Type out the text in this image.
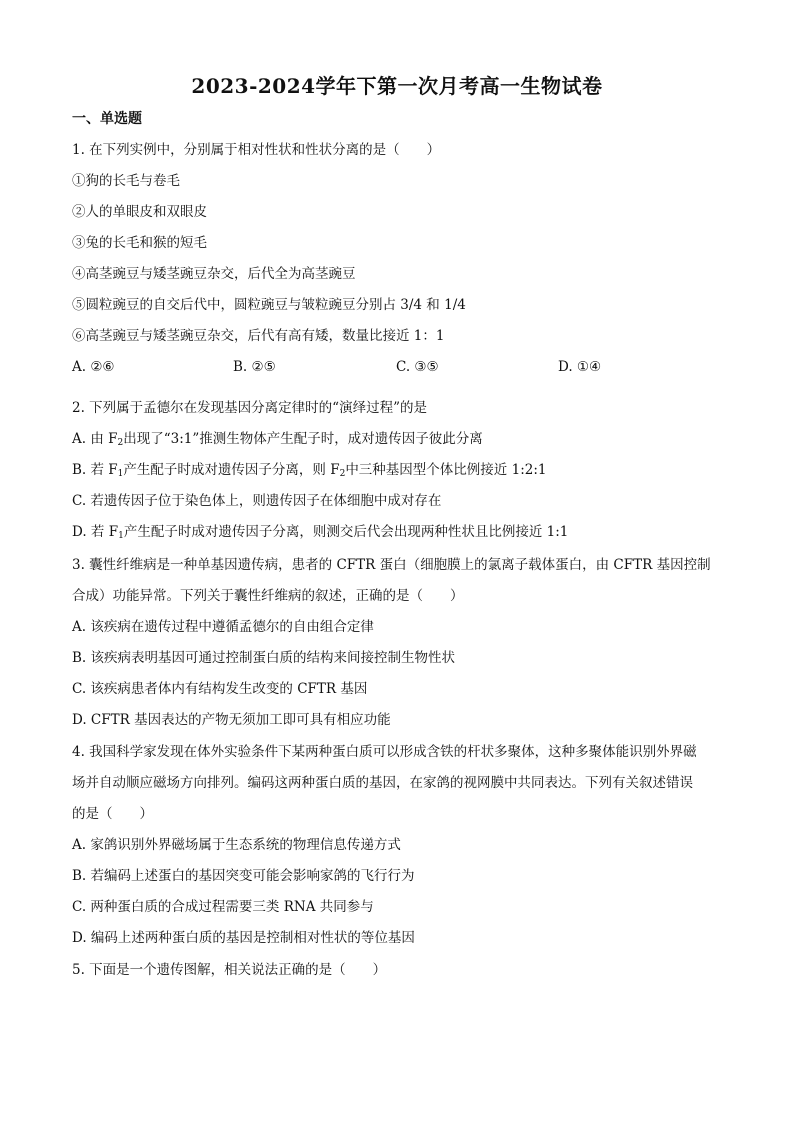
2023-2024学年下第一次月考高一生物试卷
一、单选题
1. 在下列实例中，分别属于相对性状和性状分离的是（　　）
①狗的长毛与卷毛
②人的单眼皮和双眼皮
③兔的长毛和猴的短毛
④高茎豌豆与矮茎豌豆杂交，后代全为高茎豌豆
⑤圆粒豌豆的自交后代中，圆粒豌豆与皱粒豌豆分别占 3/4 和 1/4
⑥高茎豌豆与矮茎豌豆杂交，后代有高有矮，数量比接近 1：1
A. ②⑥	B. ②⑤	C. ③⑤	D. ①④
2. 下列属于孟德尔在发现基因分离定律时的“演绎过程”的是
A. 由 $F_2$出现了“3:1”推测生物体产生配子时，成对遗传因子彼此分离
B. 若 $F_1$产生配子时成对遗传因子分离，则 $F_2$中三种基因型个体比例接近 1:2:1
C. 若遗传因子位于染色体上，则遗传因子在体细胞中成对存在
D. 若 $F_1$产生配子时成对遗传因子分离，则测交后代会出现两种性状且比例接近 1:1
3. 囊性纤维病是一种单基因遗传病，患者的 CFTR 蛋白（细胞膜上的氯离子载体蛋白，由 CFTR 基因控制
合成）功能异常。下列关于囊性纤维病的叙述，正确的是（　　）
A. 该疾病在遗传过程中遵循孟德尔的自由组合定律
B. 该疾病表明基因可通过控制蛋白质的结构来间接控制生物性状
C. 该疾病患者体内有结构发生改变的 CFTR 基因
D. CFTR 基因表达的产物无须加工即可具有相应功能
4. 我国科学家发现在体外实验条件下某两种蛋白质可以形成含铁的杆状多聚体，这种多聚体能识别外界磁
场并自动顺应磁场方向排列。编码这两种蛋白质的基因，在家鸽的视网膜中共同表达。下列有关叙述错误
的是（　　）
A. 家鸽识别外界磁场属于生态系统的物理信息传递方式
B. 若编码上述蛋白的基因突变可能会影响家鸽的飞行行为
C. 两种蛋白质的合成过程需要三类 RNA 共同参与
D. 编码上述两种蛋白质的基因是控制相对性状的等位基因
5. 下面是一个遗传图解，相关说法正确的是（　　）
